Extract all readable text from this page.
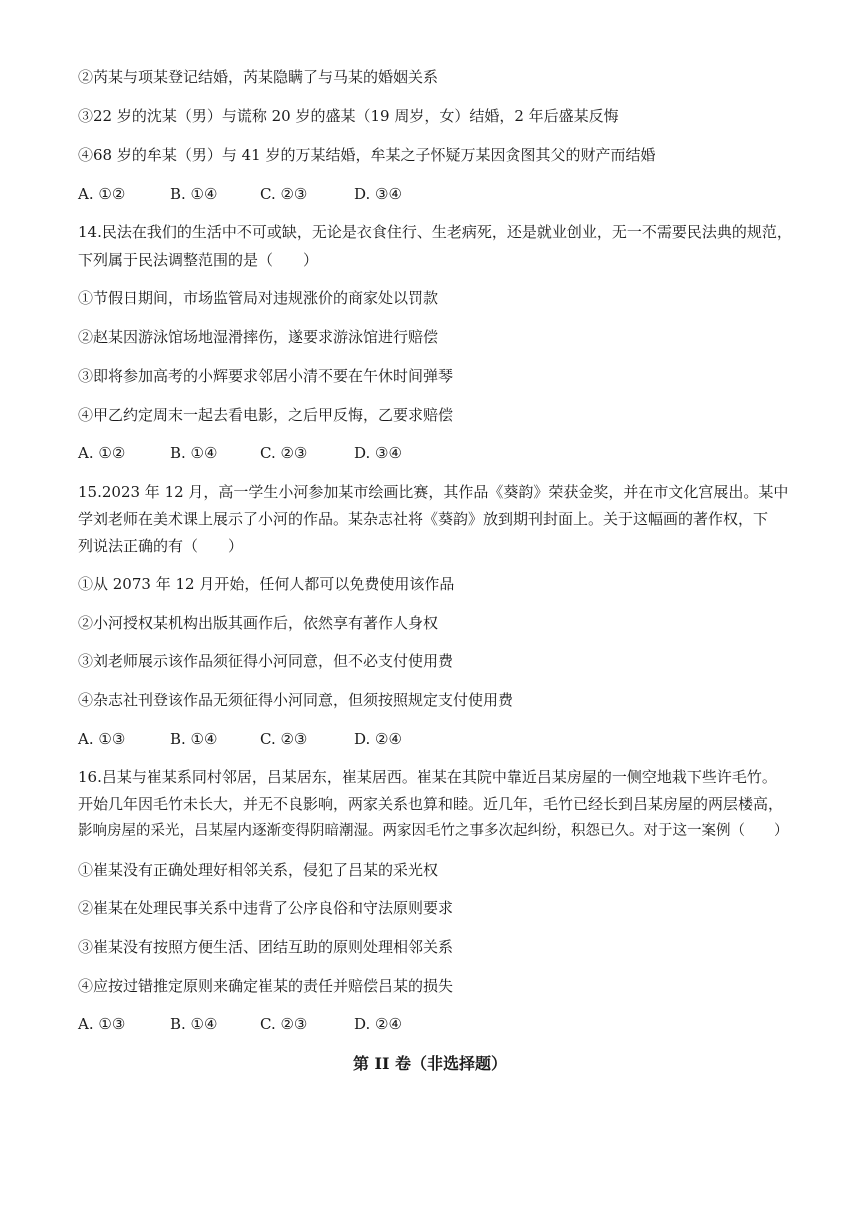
②芮某与项某登记结婚，芮某隐瞒了与马某的婚姻关系
③22 岁的沈某（男）与谎称 20 岁的盛某（19 周岁，女）结婚，2 年后盛某反悔
④68 岁的牟某（男）与 41 岁的万某结婚，牟某之子怀疑万某因贪图其父的财产而结婚
A. ①②	B. ①④	C. ②③	D. ③④
14.民法在我们的生活中不可或缺，无论是衣食住行、生老病死，还是就业创业，无一不需要民法典的规范，
下列属于民法调整范围的是（　　）
①节假日期间，市场监管局对违规涨价的商家处以罚款
②赵某因游泳馆场地湿滑摔伤，遂要求游泳馆进行赔偿
③即将参加高考的小辉要求邻居小清不要在午休时间弹琴
④甲乙约定周末一起去看电影，之后甲反悔，乙要求赔偿
A. ①②	B. ①④	C. ②③	D. ③④
15.2023 年 12 月，高一学生小河参加某市绘画比赛，其作品《葵韵》荣获金奖，并在市文化宫展出。某中
学刘老师在美术课上展示了小河的作品。某杂志社将《葵韵》放到期刊封面上。关于这幅画的著作权，下
列说法正确的有（　　）
①从 2073 年 12 月开始，任何人都可以免费使用该作品
②小河授权某机构出版其画作后，依然享有著作人身权
③刘老师展示该作品须征得小河同意，但不必支付使用费
④杂志社刊登该作品无须征得小河同意，但须按照规定支付使用费
A. ①③	B. ①④	C. ②③	D. ②④
16.吕某与崔某系同村邻居，吕某居东，崔某居西。崔某在其院中靠近吕某房屋的一侧空地栽下些许毛竹。
开始几年因毛竹未长大，并无不良影响，两家关系也算和睦。近几年，毛竹已经长到吕某房屋的两层楼高，
影响房屋的采光，吕某屋内逐渐变得阴暗潮湿。两家因毛竹之事多次起纠纷，积怨已久。对于这一案例（　　）
①崔某没有正确处理好相邻关系，侵犯了吕某的采光权
②崔某在处理民事关系中违背了公序良俗和守法原则要求
③崔某没有按照方便生活、团结互助的原则处理相邻关系
④应按过错推定原则来确定崔某的责任并赔偿吕某的损失
A. ①③	B. ①④	C. ②③	D. ②④
第 II 卷（非选择题）
